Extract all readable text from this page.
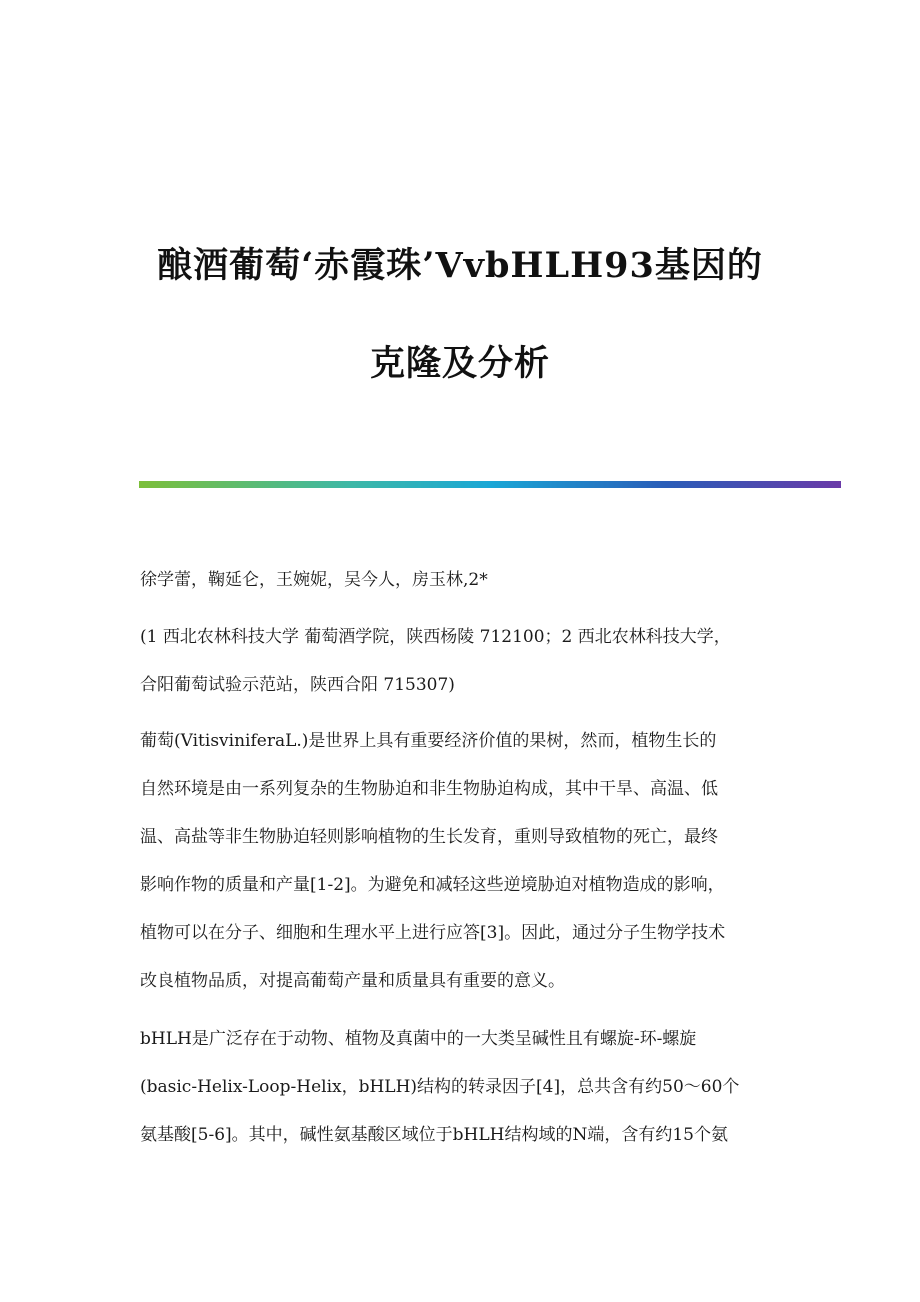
酿酒葡萄‘赤霞珠’VvbHLH93基因的
克隆及分析
徐学蕾，鞠延仑，王婉妮，吴今人，房玉林,2*
(1 西北农林科技大学 葡萄酒学院，陕西杨陵 712100；2 西北农林科技大学，
合阳葡萄试验示范站，陕西合阳 715307)
葡萄(VitisviniferaL.)是世界上具有重要经济价值的果树，然而，植物生长的
自然环境是由一系列复杂的生物胁迫和非生物胁迫构成，其中干旱、高温、低
温、高盐等非生物胁迫轻则影响植物的生长发育，重则导致植物的死亡，最终
影响作物的质量和产量[1-2]。为避免和减轻这些逆境胁迫对植物造成的影响，
植物可以在分子、细胞和生理水平上进行应答[3]。因此，通过分子生物学技术
改良植物品质，对提高葡萄产量和质量具有重要的意义。
bHLH是广泛存在于动物、植物及真菌中的一大类呈碱性且有螺旋-环-螺旋
(basic-Helix-Loop-Helix，bHLH)结构的转录因子[4]，总共含有约50～60个
氨基酸[5-6]。其中，碱性氨基酸区域位于bHLH结构域的N端，含有约15个氨
